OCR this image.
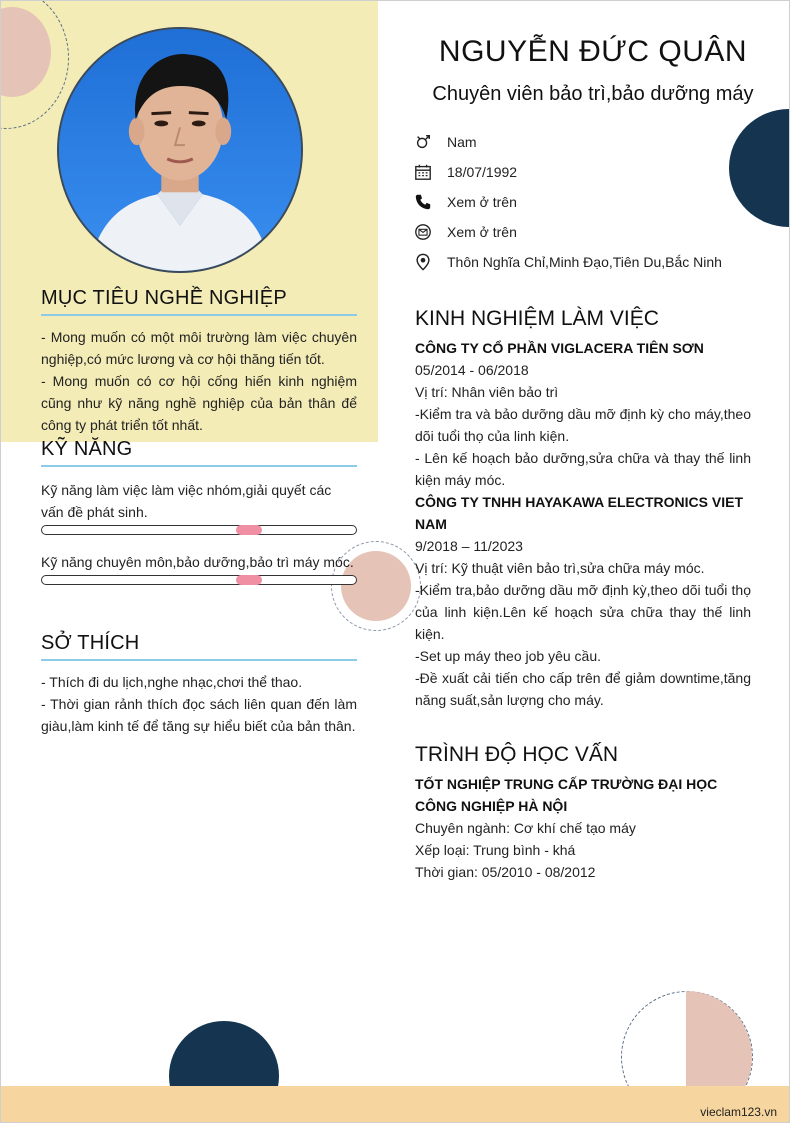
MỤC TIÊU NGHỀ NGHIỆP
- Mong muốn có một môi trường làm việc chuyên nghiệp,có mức lương và cơ hội thăng tiến tốt.
- Mong muốn có cơ hội cống hiến kinh nghiệm cũng như kỹ năng nghề nghiệp của bản thân để công ty phát triển tốt nhất.
KỸ NĂNG
Kỹ năng làm việc làm việc nhóm,giải quyết các vấn đề phát sinh.
Kỹ năng chuyên môn,bảo dưỡng,bảo trì máy móc.
SỞ THÍCH
- Thích đi du lịch,nghe nhạc,chơi thể thao.
- Thời gian rảnh thích đọc sách liên quan đến làm giàu,làm kinh tế để tăng sự hiểu biết của bản thân.
NGUYỄN ĐỨC QUÂN
Chuyên viên bảo trì,bảo dưỡng máy
Nam
18/07/1992
Xem ở trên
Xem ở trên
Thôn Nghĩa Chỉ,Minh Đạo,Tiên Du,Bắc Ninh
KINH NGHIỆM LÀM VIỆC
CÔNG TY CỔ PHẦN VIGLACERA TIÊN SƠN
05/2014 - 06/2018
Vị trí: Nhân viên bảo trì
-Kiểm tra và bảo dưỡng dầu mỡ định kỳ cho máy,theo dõi tuổi thọ của linh kiện.
- Lên kế hoạch bảo dưỡng,sửa chữa và thay thế linh kiện máy móc.
CÔNG TY TNHH HAYAKAWA ELECTRONICS VIET NAM
9/2018 – 11/2023
Vị trí: Kỹ thuật viên bảo trì,sửa chữa máy móc.
-Kiểm tra,bảo dưỡng dầu mỡ định kỳ,theo dõi tuổi thọ của linh kiện.Lên kế hoạch sửa chữa thay thế linh kiện.
-Set up máy theo job yêu cầu.
-Đề xuất cải tiến cho cấp trên để giảm downtime,tăng năng suất,sản lượng cho máy.
TRÌNH ĐỘ HỌC VẤN
TỐT NGHIỆP TRUNG CẤP TRƯỜNG ĐẠI HỌC CÔNG NGHIỆP HÀ NỘI
Chuyên ngành: Cơ khí chế tạo máy
Xếp loại: Trung bình - khá
Thời gian: 05/2010 - 08/2012
vieclam123.vn
